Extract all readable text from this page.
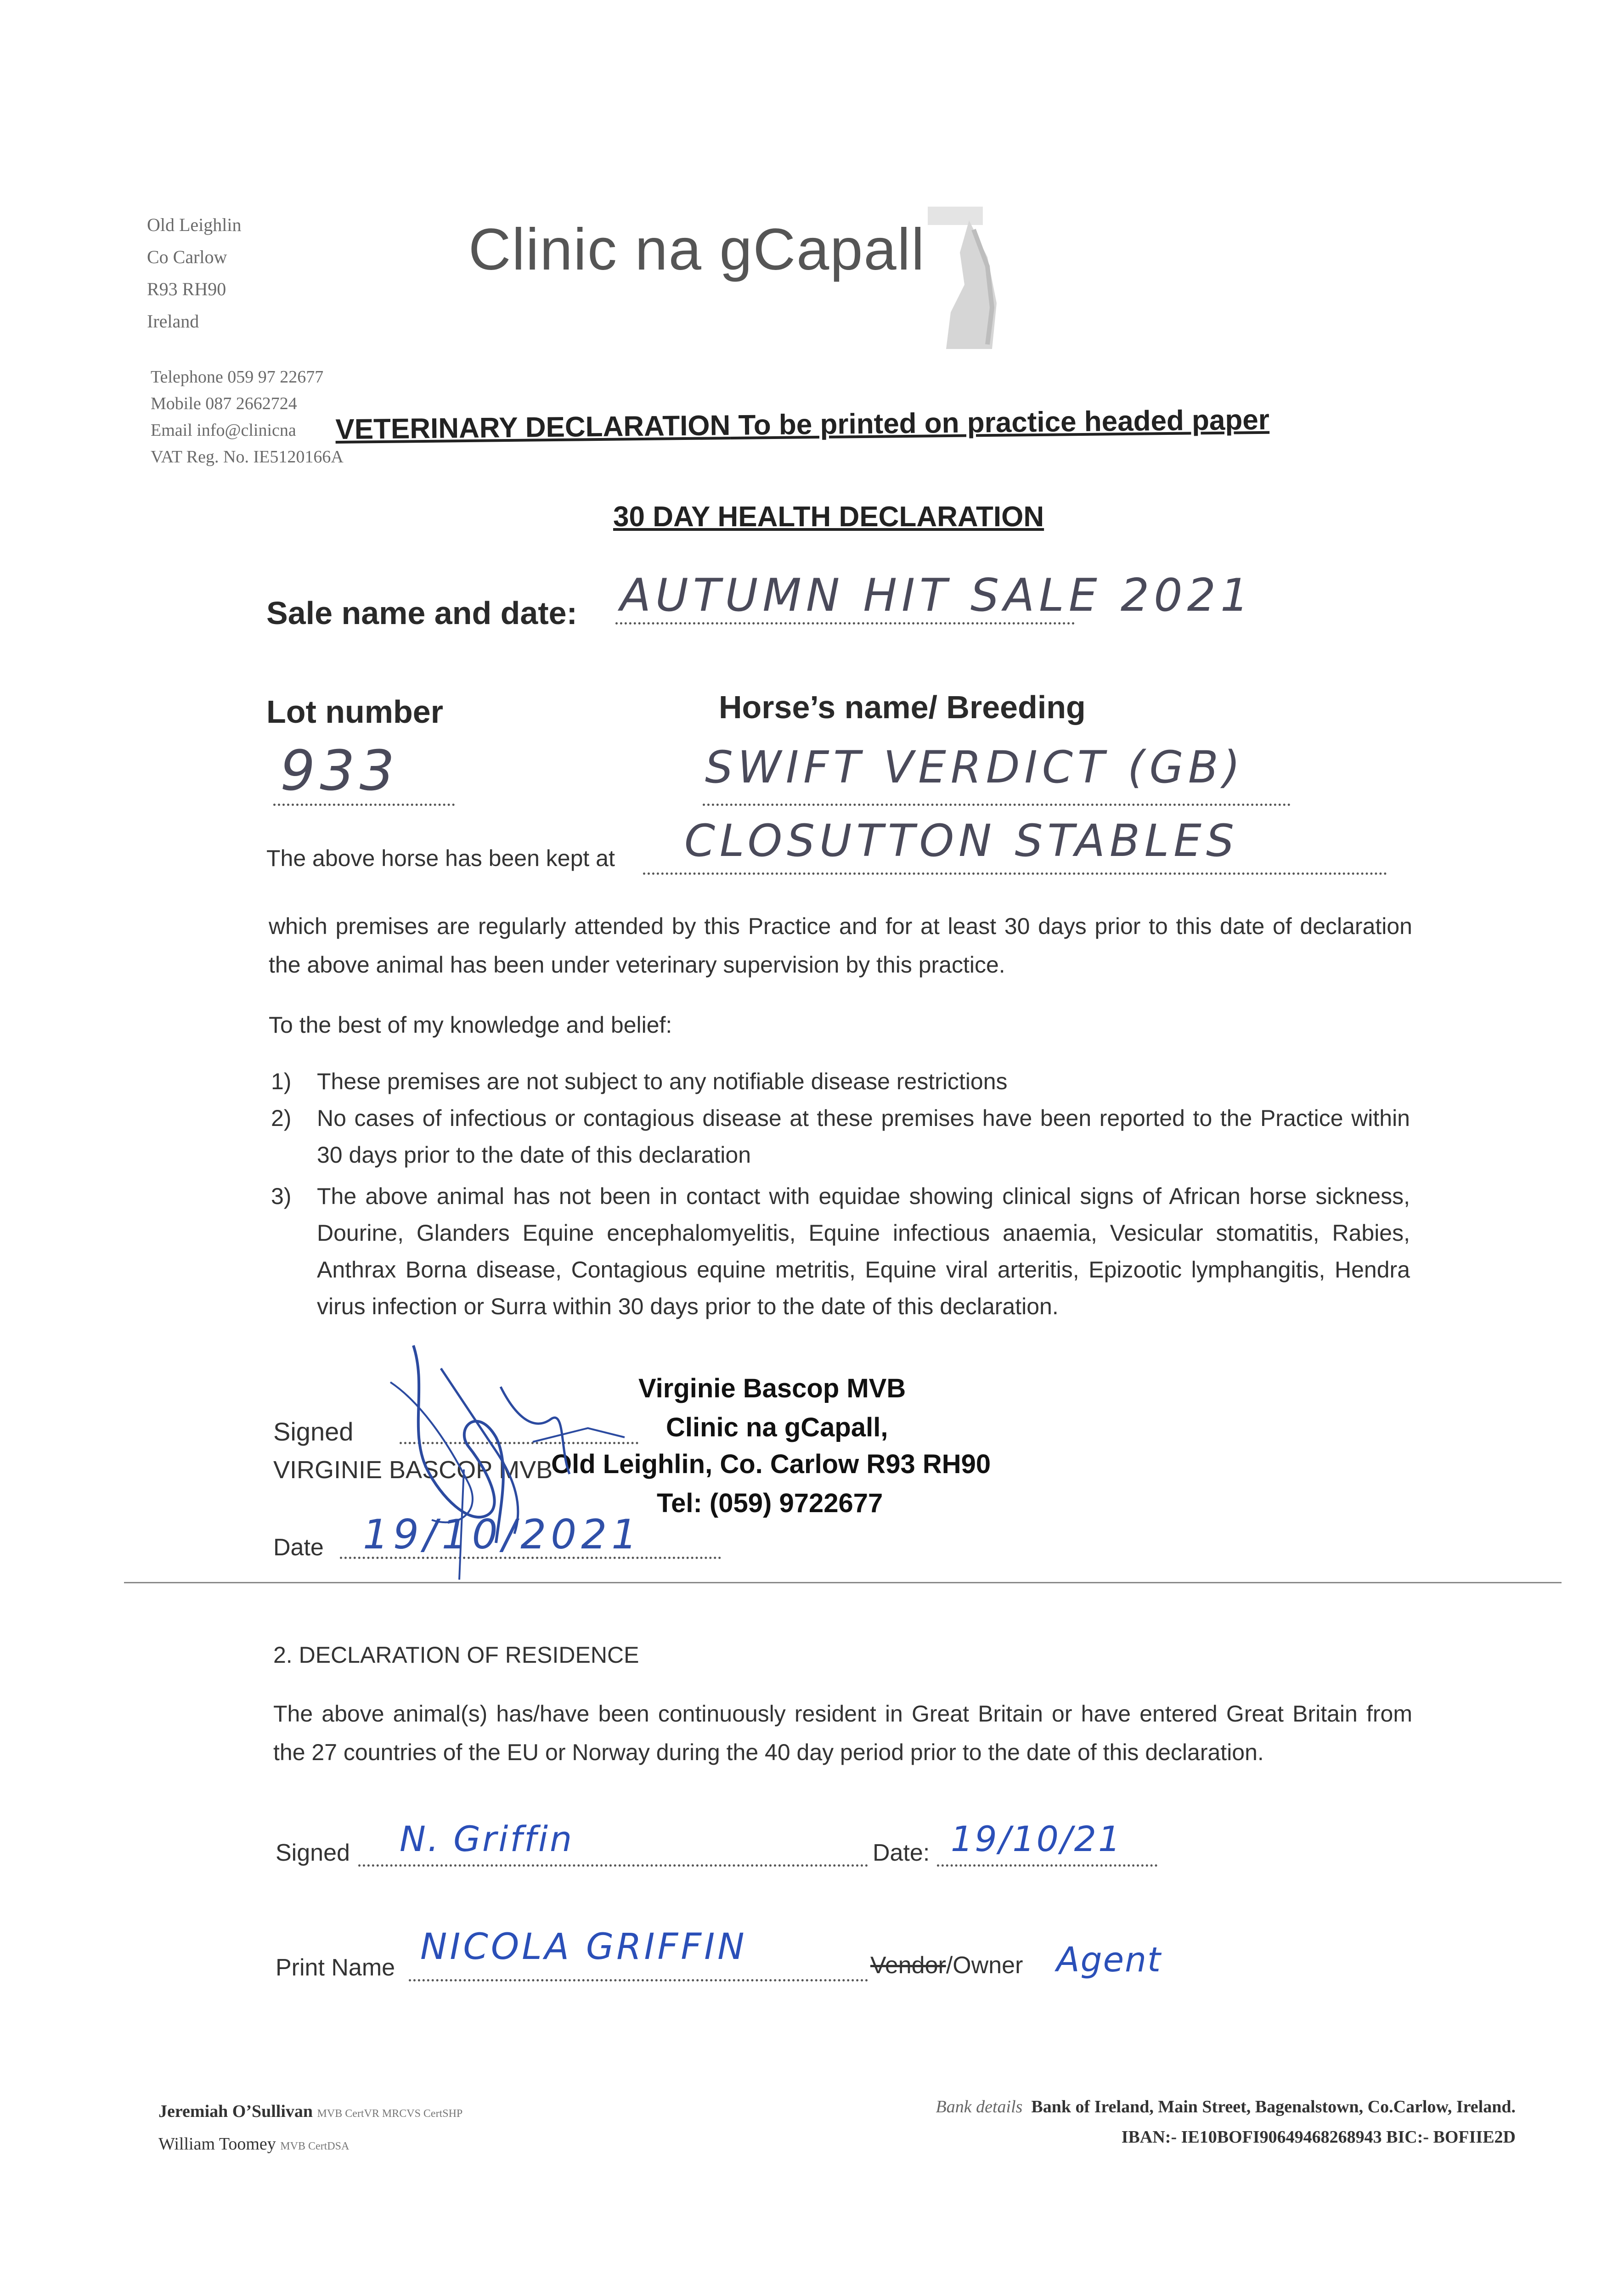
Old Leighlin
Co Carlow
R93 RH90
Ireland
Clinic na gCapall
Telephone 059 97 22677
Mobile 087 2662724
Email info@clinicna
VAT Reg. No. IE5120166A
VETERINARY DECLARATION To be printed on practice headed paper
30 DAY HEALTH DECLARATION
Sale name and date: AUTUMN HIT SALE 2021
Lot number	Horse’s name/ Breeding
933	SWIFT VERDICT (GB)
The above horse has been kept at CLOSUTTON STABLES
which premises are regularly attended by this Practice and for at least 30 days prior to this date of declaration the above animal has been under veterinary supervision by this practice.
To the best of my knowledge and belief:
1) These premises are not subject to any notifiable disease restrictions
2) No cases of infectious or contagious disease at these premises have been reported to the Practice within 30 days prior to the date of this declaration
3) The above animal has not been in contact with equidae showing clinical signs of African horse sickness, Dourine, Glanders Equine encephalomyelitis, Equine infectious anaemia, Vesicular stomatitis, Rabies, Anthrax Borna disease, Contagious equine metritis, Equine viral arteritis, Epizootic lymphangitis, Hendra virus infection or Surra within 30 days prior to the date of this declaration.
Signed
VIRGINIE BASCOP MVB
Virginie Bascop MVB
Clinic na gCapall,
Old Leighlin, Co. Carlow R93 RH90
Tel: (059) 9722677
Date 19/10/2021
2. DECLARATION OF RESIDENCE
The above animal(s) has/have been continuously resident in Great Britain or have entered Great Britain from the 27 countries of the EU or Norway during the 40 day period prior to the date of this declaration.
Signed N. Griffin	Date: 19/10/21
Print Name NICOLA GRIFFIN	Vendor/Owner Agent
Jeremiah O’Sullivan MVB CertVR MRCVS CertSHP
William Toomey MVB CertDSA
Bank details Bank of Ireland, Main Street, Bagenalstown, Co.Carlow, Ireland.
IBAN:- IE10BOFI90649468268943 BIC:- BOFIIE2D
